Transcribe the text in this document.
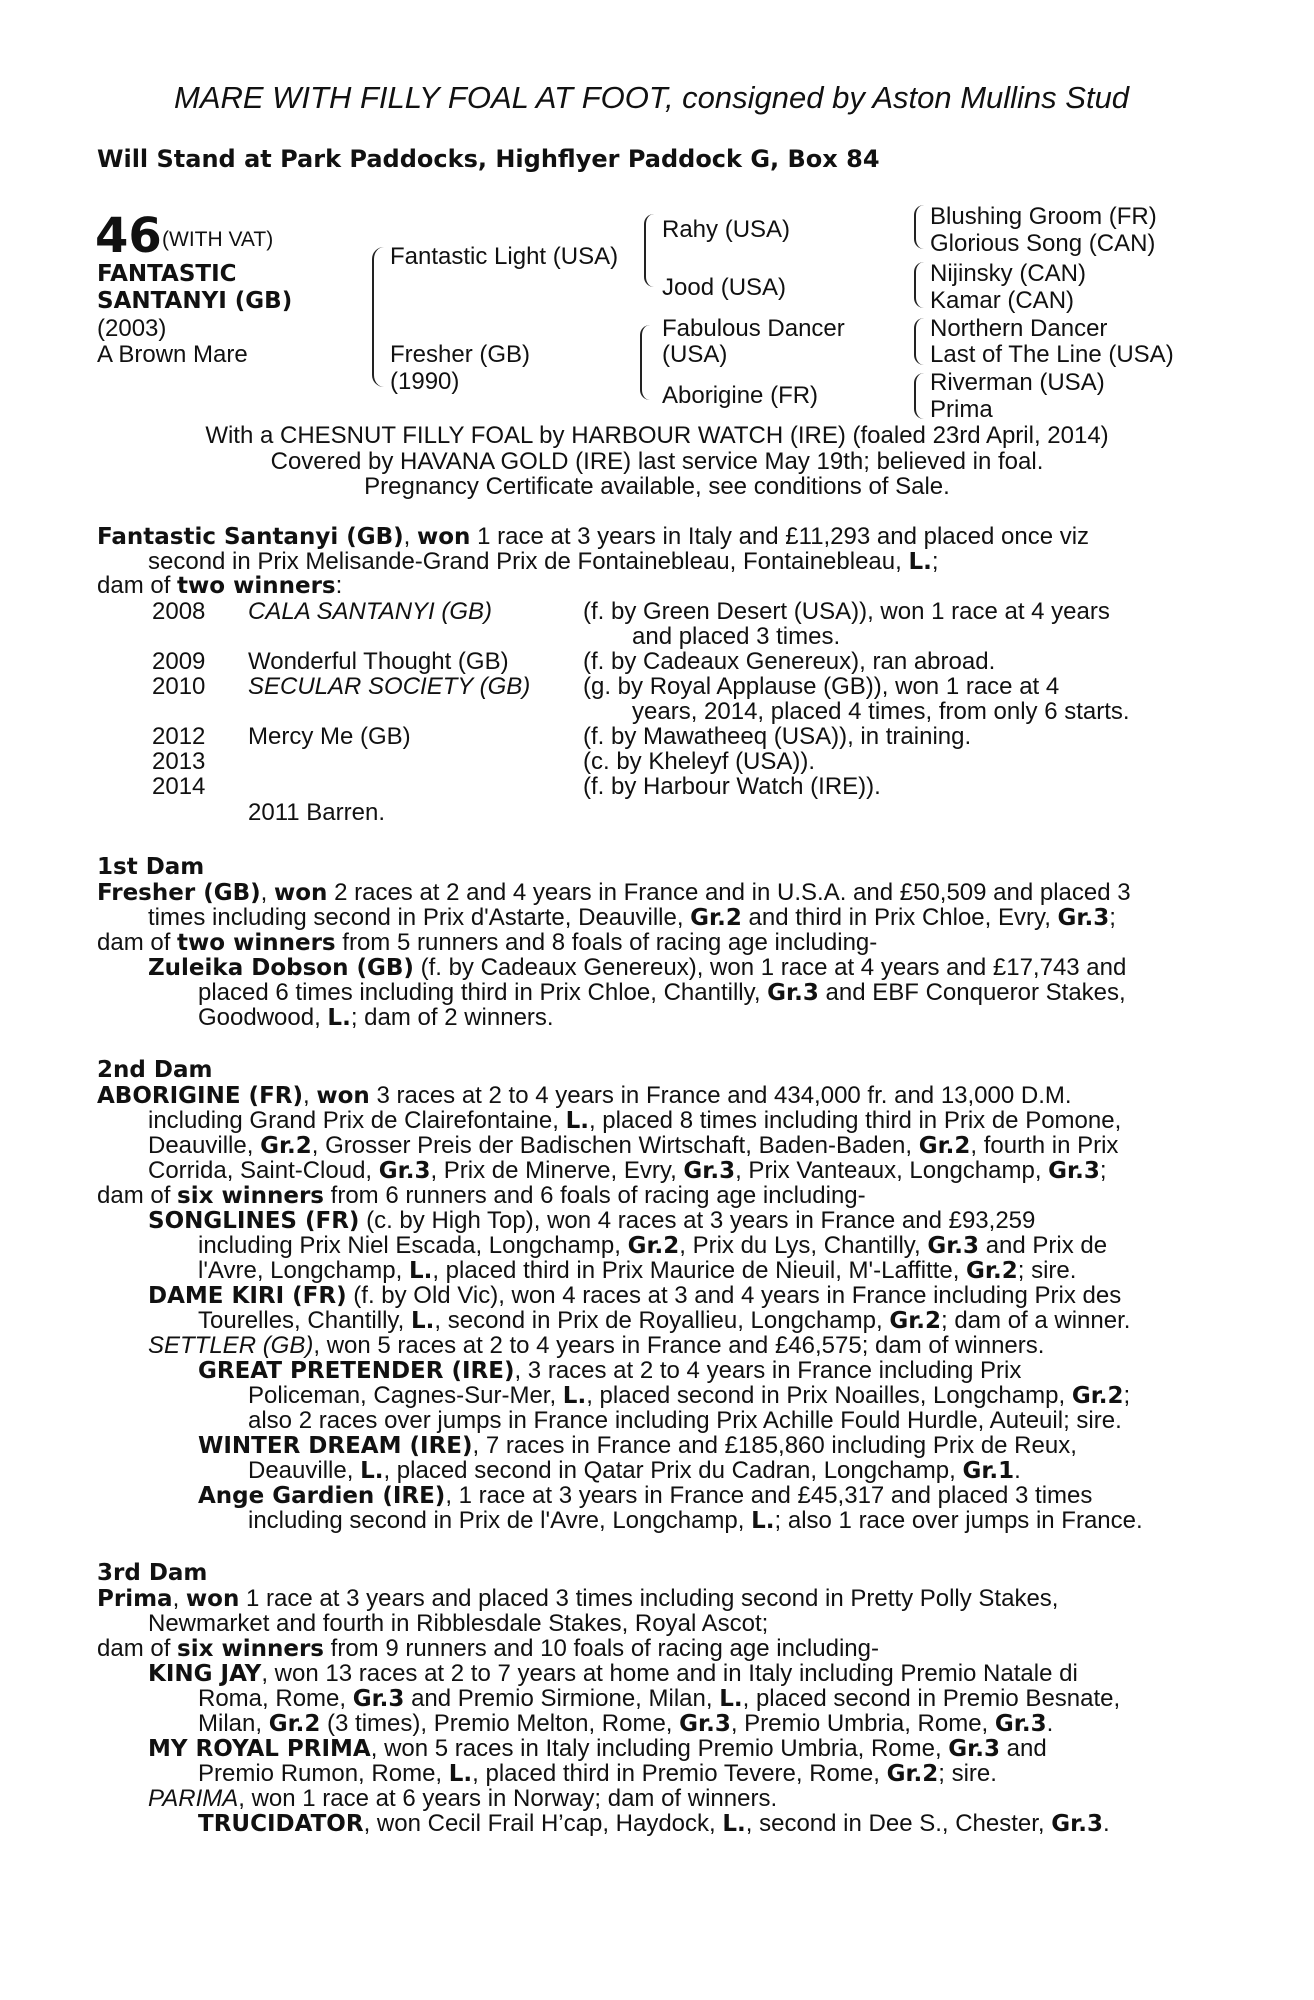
MARE WITH FILLY FOAL AT FOOT, consigned by Aston Mullins Stud
Will Stand at Park Paddocks, Highflyer Paddock G, Box 84
46 (WITH VAT)
FANTASTIC
SANTANYI (GB)
(2003)
A Brown Mare
Fantastic Light (USA)
Fresher (GB)
(1990)
Rahy (USA)
Jood (USA)
Fabulous Dancer
(USA)
Aborigine (FR)
Blushing Groom (FR)
Glorious Song (CAN)
Nijinsky (CAN)
Kamar (CAN)
Northern Dancer
Last of The Line (USA)
Riverman (USA)
Prima
With a CHESNUT FILLY FOAL by HARBOUR WATCH (IRE) (foaled 23rd April, 2014)
Covered by HAVANA GOLD (IRE) last service May 19th; believed in foal.
Pregnancy Certificate available, see conditions of Sale.
Fantastic Santanyi (GB), won 1 race at 3 years in Italy and £11,293 and placed once viz
second in Prix Melisande-Grand Prix de Fontainebleau, Fontainebleau, L.;
dam of two winners:
2008 CALA SANTANYI (GB)	(f. by Green Desert (USA)), won 1 race at 4 years
and placed 3 times.
2009 Wonderful Thought (GB)	(f. by Cadeaux Genereux), ran abroad.
2010 SECULAR SOCIETY (GB) (g. by Royal Applause (GB)), won 1 race at 4
years, 2014, placed 4 times, from only 6 starts.
2012 Mercy Me (GB)	(f. by Mawatheeq (USA)), in training.
2013	(c. by Kheleyf (USA)).
2014	(f. by Harbour Watch (IRE)).
2011 Barren.
1st Dam
Fresher (GB), won 2 races at 2 and 4 years in France and in U.S.A. and £50,509 and placed 3
times including second in Prix d'Astarte, Deauville, Gr.2 and third in Prix Chloe, Evry, Gr.3;
dam of two winners from 5 runners and 8 foals of racing age including-
Zuleika Dobson (GB) (f. by Cadeaux Genereux), won 1 race at 4 years and £17,743 and
placed 6 times including third in Prix Chloe, Chantilly, Gr.3 and EBF Conqueror Stakes,
Goodwood, L.; dam of 2 winners.
2nd Dam
ABORIGINE (FR), won 3 races at 2 to 4 years in France and 434,000 fr. and 13,000 D.M.
including Grand Prix de Clairefontaine, L., placed 8 times including third in Prix de Pomone,
Deauville, Gr.2, Grosser Preis der Badischen Wirtschaft, Baden-Baden, Gr.2, fourth in Prix
Corrida, Saint-Cloud, Gr.3, Prix de Minerve, Evry, Gr.3, Prix Vanteaux, Longchamp, Gr.3;
dam of six winners from 6 runners and 6 foals of racing age including-
SONGLINES (FR) (c. by High Top), won 4 races at 3 years in France and £93,259
including Prix Niel Escada, Longchamp, Gr.2, Prix du Lys, Chantilly, Gr.3 and Prix de
l'Avre, Longchamp, L., placed third in Prix Maurice de Nieuil, M'-Laffitte, Gr.2; sire.
DAME KIRI (FR) (f. by Old Vic), won 4 races at 3 and 4 years in France including Prix des
Tourelles, Chantilly, L., second in Prix de Royallieu, Longchamp, Gr.2; dam of a winner.
SETTLER (GB), won 5 races at 2 to 4 years in France and £46,575; dam of winners.
GREAT PRETENDER (IRE), 3 races at 2 to 4 years in France including Prix
Policeman, Cagnes-Sur-Mer, L., placed second in Prix Noailles, Longchamp, Gr.2;
also 2 races over jumps in France including Prix Achille Fould Hurdle, Auteuil; sire.
WINTER DREAM (IRE), 7 races in France and £185,860 including Prix de Reux,
Deauville, L., placed second in Qatar Prix du Cadran, Longchamp, Gr.1.
Ange Gardien (IRE), 1 race at 3 years in France and £45,317 and placed 3 times
including second in Prix de l'Avre, Longchamp, L.; also 1 race over jumps in France.
3rd Dam
Prima, won 1 race at 3 years and placed 3 times including second in Pretty Polly Stakes,
Newmarket and fourth in Ribblesdale Stakes, Royal Ascot;
dam of six winners from 9 runners and 10 foals of racing age including-
KING JAY, won 13 races at 2 to 7 years at home and in Italy including Premio Natale di
Roma, Rome, Gr.3 and Premio Sirmione, Milan, L., placed second in Premio Besnate,
Milan, Gr.2 (3 times), Premio Melton, Rome, Gr.3, Premio Umbria, Rome, Gr.3.
MY ROYAL PRIMA, won 5 races in Italy including Premio Umbria, Rome, Gr.3 and
Premio Rumon, Rome, L., placed third in Premio Tevere, Rome, Gr.2; sire.
PARIMA, won 1 race at 6 years in Norway; dam of winners.
TRUCIDATOR, won Cecil Frail H’cap, Haydock, L., second in Dee S., Chester, Gr.3.
